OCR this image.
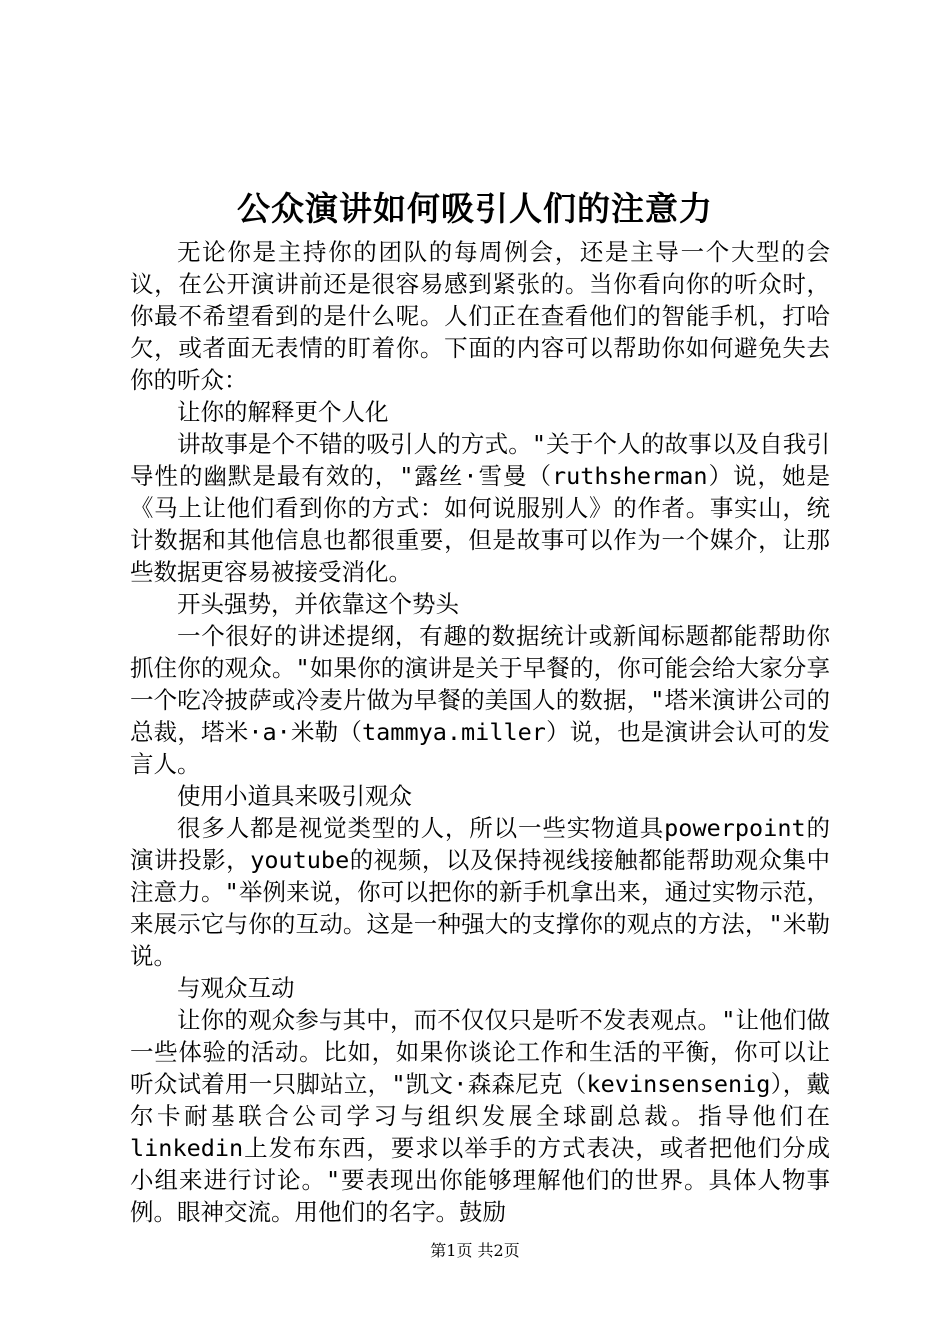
公众演讲如何吸引人们的注意力

无论你是主持你的团队的每周例会，还是主导一个大型的会议，在公开演讲前还是很容易感到紧张的。当你看向你的听众时，你最不希望看到的是什么呢。人们正在查看他们的智能手机，打哈欠，或者面无表情的盯着你。下面的内容可以帮助你如何避免失去你的听众：

让你的解释更个人化

讲故事是个不错的吸引人的方式。"关于个人的故事以及自我引导性的幽默是最有效的，"露丝·雪曼（ruthsherman）说，她是《马上让他们看到你的方式：如何说服别人》的作者。事实山，统计数据和其他信息也都很重要，但是故事可以作为一个媒介，让那些数据更容易被接受消化。

开头强势，并依靠这个势头

一个很好的讲述提纲，有趣的数据统计或新闻标题都能帮助你抓住你的观众。"如果你的演讲是关于早餐的，你可能会给大家分享一个吃冷披萨或冷麦片做为早餐的美国人的数据，"塔米演讲公司的总裁，塔米·a·米勒（tammya.miller）说，也是演讲会认可的发言人。

使用小道具来吸引观众

很多人都是视觉类型的人，所以一些实物道具powerpoint的演讲投影，youtube的视频，以及保持视线接触都能帮助观众集中注意力。"举例来说，你可以把你的新手机拿出来，通过实物示范，来展示它与你的互动。这是一种强大的支撑你的观点的方法，"米勒说。

与观众互动

让你的观众参与其中，而不仅仅只是听不发表观点。"让他们做一些体验的活动。比如，如果你谈论工作和生活的平衡，你可以让听众试着用一只脚站立，"凯文·森森尼克（kevinsensenig），戴尔卡耐基联合公司学习与组织发展全球副总裁。指导他们在linkedin上发布东西，要求以举手的方式表决，或者把他们分成小组来进行讨论。"要表现出你能够理解他们的世界。具体人物事例。眼神交流。用他们的名字。鼓励

第1页 共2页
